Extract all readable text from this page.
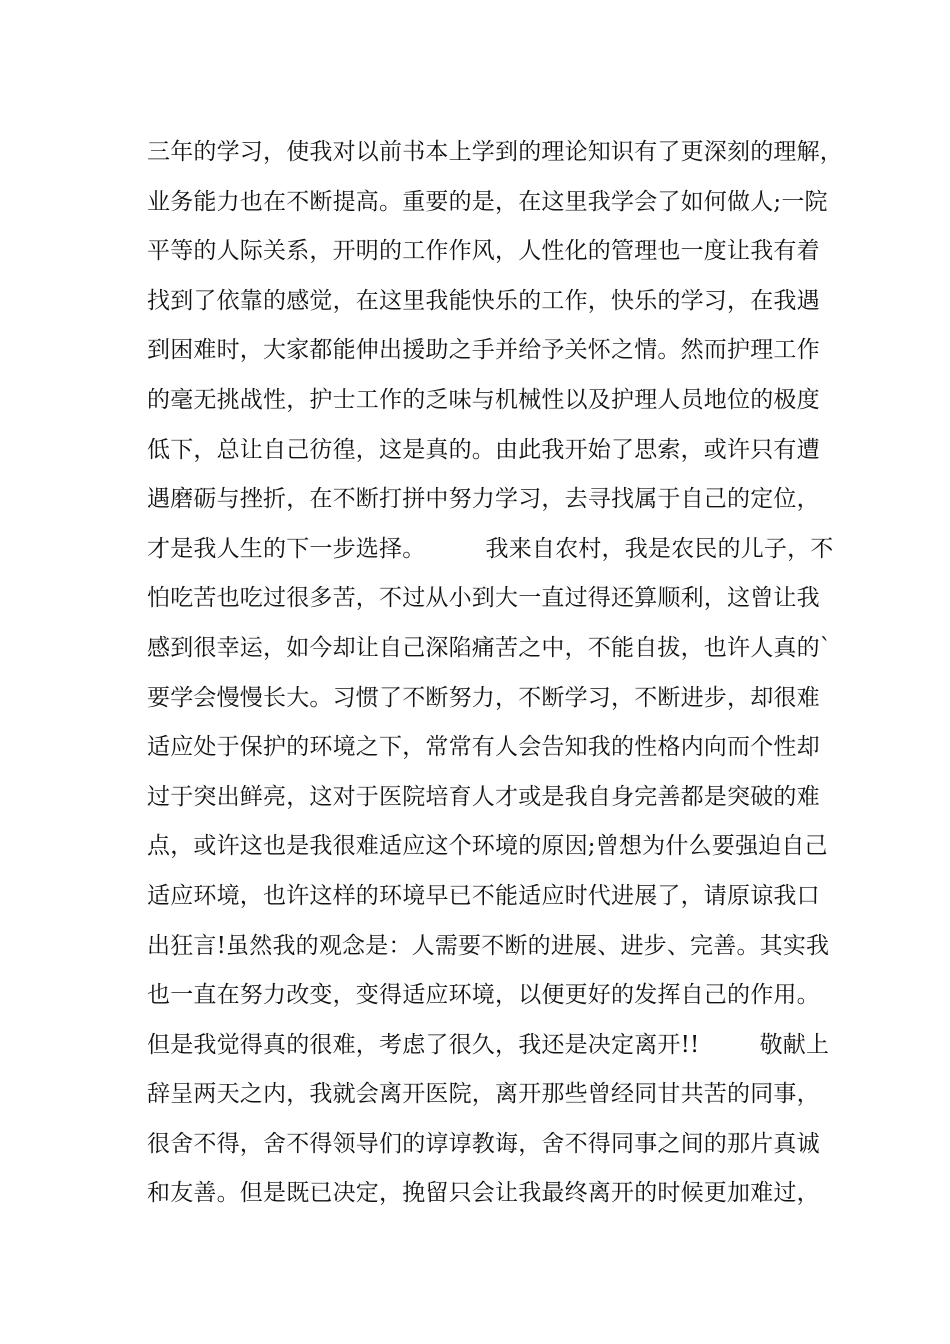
三年的学习，使我对以前书本上学到的理论知识有了更深刻的理解，
业务能力也在不断提高。重要的是，在这里我学会了如何做人;一院
平等的人际关系，开明的工作作风，人性化的管理也一度让我有着
找到了依靠的感觉，在这里我能快乐的工作，快乐的学习，在我遇
到困难时，大家都能伸出援助之手并给予关怀之情。然而护理工作
的毫无挑战性，护士工作的乏味与机械性以及护理人员地位的极度
低下，总让自己彷徨，这是真的。由此我开始了思索，或许只有遭
遇磨砺与挫折，在不断打拼中努力学习，去寻找属于自己的定位，
才是我人生的下一步选择。        我来自农村，我是农民的儿子，不
怕吃苦也吃过很多苦，不过从小到大一直过得还算顺利，这曾让我
感到很幸运，如今却让自己深陷痛苦之中，不能自拔，也许人真的`
要学会慢慢长大。习惯了不断努力，不断学习，不断进步，却很难
适应处于保护的环境之下，常常有人会告知我的性格内向而个性却
过于突出鲜亮，这对于医院培育人才或是我自身完善都是突破的难
点，或许这也是我很难适应这个环境的原因;曾想为什么要强迫自己
适应环境，也许这样的环境早已不能适应时代进展了，请原谅我口
出狂言!虽然我的观念是：人需要不断的进展、进步、完善。其实我
也一直在努力改变，变得适应环境，以便更好的发挥自己的作用。
但是我觉得真的很难，考虑了很久，我还是决定离开!!        敬献上
辞呈两天之内，我就会离开医院，离开那些曾经同甘共苦的同事，
很舍不得，舍不得领导们的谆谆教诲，舍不得同事之间的那片真诚
和友善。但是既已决定，挽留只会让我最终离开的时候更加难过，
